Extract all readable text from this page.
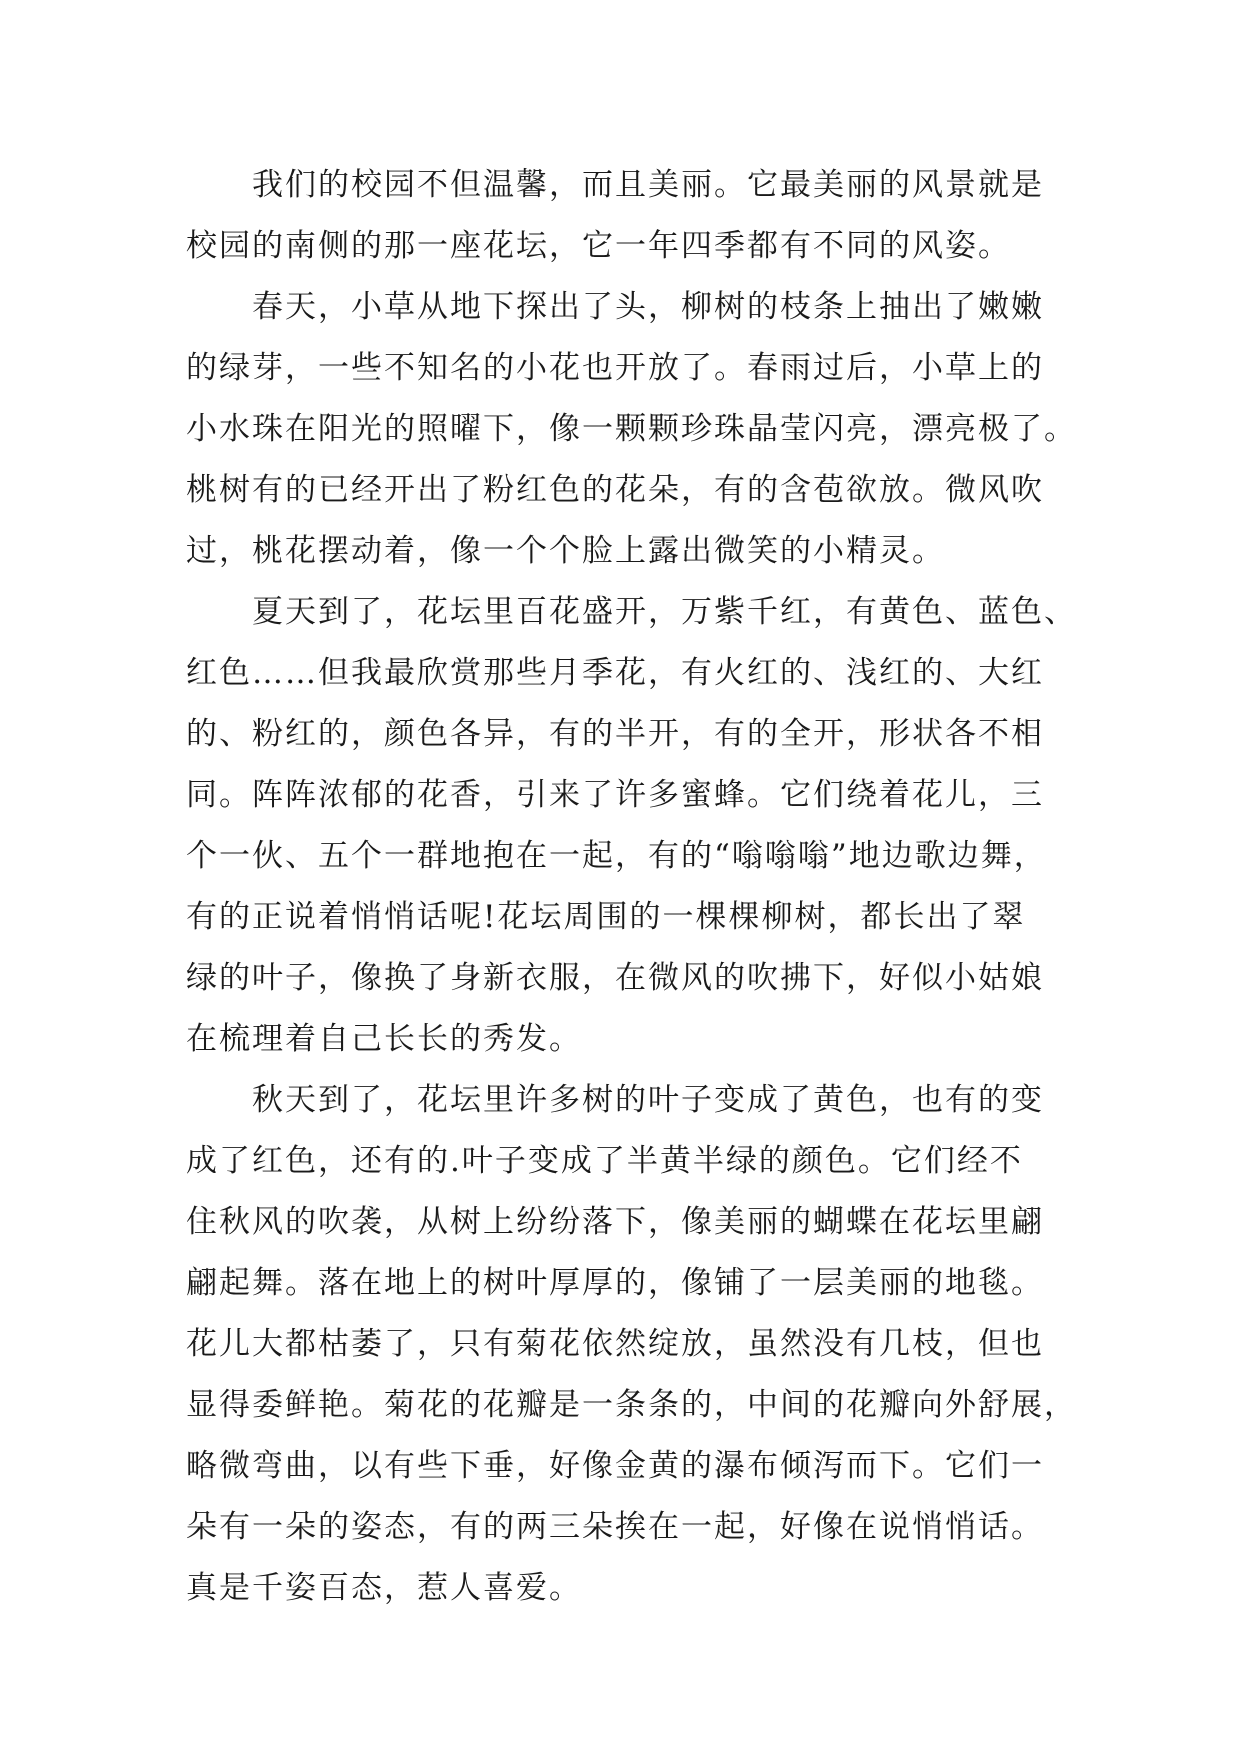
我们的校园不但温馨，而且美丽。它最美丽的风景就是
校园的南侧的那一座花坛，它一年四季都有不同的风姿。

春天，小草从地下探出了头，柳树的枝条上抽出了嫩嫩
的绿芽，一些不知名的小花也开放了。春雨过后，小草上的
小水珠在阳光的照曜下，像一颗颗珍珠晶莹闪亮，漂亮极了。
桃树有的已经开出了粉红色的花朵，有的含苞欲放。微风吹
过，桃花摆动着，像一个个脸上露出微笑的小精灵。

夏天到了，花坛里百花盛开，万紫千红，有黄色、蓝色、
红色……但我最欣赏那些月季花，有火红的、浅红的、大红
的、粉红的，颜色各异，有的半开，有的全开，形状各不相
同。阵阵浓郁的花香，引来了许多蜜蜂。它们绕着花儿，三
个一伙、五个一群地抱在一起，有的“嗡嗡嗡”地边歌边舞，
有的正说着悄悄话呢!花坛周围的一棵棵柳树，都长出了翠
绿的叶子，像换了身新衣服，在微风的吹拂下，好似小姑娘
在梳理着自己长长的秀发。

秋天到了，花坛里许多树的叶子变成了黄色，也有的变
成了红色，还有的.叶子变成了半黄半绿的颜色。它们经不
住秋风的吹袭，从树上纷纷落下，像美丽的蝴蝶在花坛里翩
翩起舞。落在地上的树叶厚厚的，像铺了一层美丽的地毯。
花儿大都枯萎了，只有菊花依然绽放，虽然没有几枝，但也
显得委鲜艳。菊花的花瓣是一条条的，中间的花瓣向外舒展，
略微弯曲，以有些下垂，好像金黄的瀑布倾泻而下。它们一
朵有一朵的姿态，有的两三朵挨在一起，好像在说悄悄话。
真是千姿百态，惹人喜爱。
